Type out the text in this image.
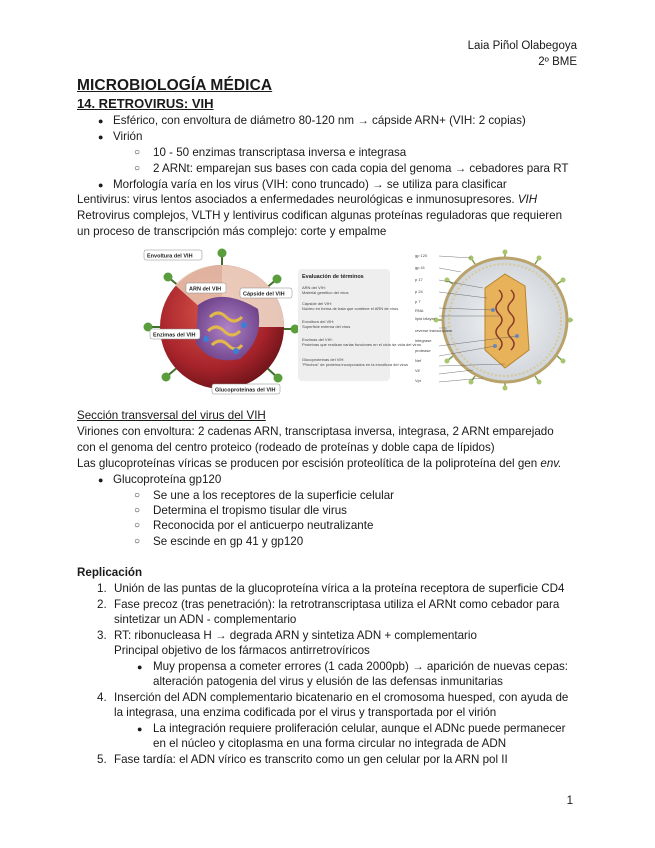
Laia Piñol Olabegoya
2º BME
MICROBIOLOGÍA MÉDICA
14. RETROVIRUS: VIH
● Esférico, con envoltura de diámetro 80-120 nm → cápside ARN+ (VIH: 2 copias)
● Virión
○ 10 - 50 enzimas transcriptasa inversa e integrasa
○ 2 ARNt: emparejan sus bases con cada copia del genoma → cebadores para RT
● Morfología varía en los virus (VIH: cono truncado) → se utiliza para clasificar
Lentivirus: virus lentos asociados a enfermedades neurológicas e inmunosupresores. VIH
Retrovirus complejos, VLTH y lentivirus codifican algunas proteínas reguladoras que requieren
un proceso de transcripción más complejo: corte y empalme
Envoltura del VIH
ARN del VIH
Cápside del VIH
Enzimas del VIH
Glucoproteínas del VIH
Evaluación de términos
ARN del VIH:
Material genético del virus
Cápside del VIH:
Núcleo en forma de bala que contiene el ARN de virus
Envoltura del VIH:
Superficie externa del virus
Enzimas del VIH:
Proteínas que realizan varias funciones en el ciclo de vida del virus
Glucoproteínas del VIH:
"Pinchos" de proteína incorporados en la envoltura del virus
gp 120
gp 41
p 17
p 24
p 7
RNA
lipid bilayer
reverse transcriptase
integrase
protease
Nef
Vif
Vpr
Sección transversal del virus del VIH
Viriones con envoltura: 2 cadenas ARN, transcriptasa inversa, integrasa, 2 ARNt emparejado
con el genoma del centro proteico (rodeado de proteínas y doble capa de lípidos)
Las glucoproteínas víricas se producen por escisión proteolítica de la poliproteína del gen env.
● Glucoproteína gp120
○ Se une a los receptores de la superficie celular
○ Determina el tropismo tisular dle virus
○ Reconocida por el anticuerpo neutralizante
○ Se escinde en gp 41 y gp120
Replicación
1. Unión de las puntas de la glucoproteína vírica a la proteína receptora de superficie CD4
2. Fase precoz (tras penetración): la retrotranscriptasa utiliza el ARNt como cebador para
sintetizar un ADN - complementario
3. RT: ribonucleasa H → degrada ARN y sintetiza ADN + complementario
Principal objetivo de los fármacos antirretrovíricos
● Muy propensa a cometer errores (1 cada 2000pb) → aparición de nuevas cepas:
alteración patogenia del virus y elusión de las defensas inmunitarias
4. Inserción del ADN complementario bicatenario en el cromosoma huesped, con ayuda de
la integrasa, una enzima codificada por el virus y transportada por el virión
● La integración requiere proliferación celular, aunque el ADNc puede permanecer
en el núcleo y citoplasma en una forma circular no integrada de ADN
5. Fase tardía: el ADN vírico es transcrito como un gen celular por la ARN pol II
1
